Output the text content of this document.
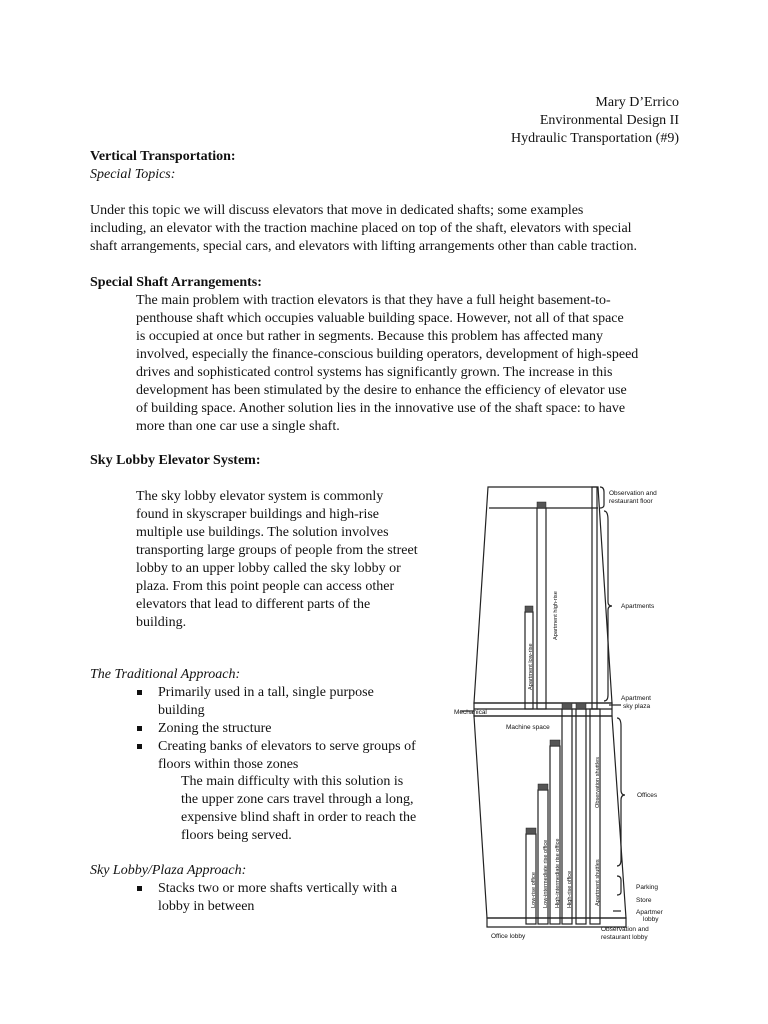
Mary D’Errico
Environmental Design II
Hydraulic Transportation (#9)
Vertical Transportation:
Special Topics:
Under this topic we will discuss elevators that move in dedicated shafts; some examples
including, an elevator with the traction machine placed on top of the shaft, elevators with special
shaft arrangements, special cars, and elevators with lifting arrangements other than cable traction.
Special Shaft Arrangements:
The main problem with traction elevators is that they have a full height basement-to-
penthouse shaft which occupies valuable building space. However, not all of that space
is occupied at once but rather in segments. Because this problem has affected many
involved, especially the finance-conscious building operators, development of high-speed
drives and sophisticated control systems has significantly grown. The increase in this
development has been stimulated by the desire to enhance the efficiency of elevator use
of building space. Another solution lies in the innovative use of the shaft space: to have
more than one car use a single shaft.
Sky Lobby Elevator System:
The sky lobby elevator system is commonly
found in skyscraper buildings and high-rise
multiple use buildings. The solution involves
transporting large groups of people from the street
lobby to an upper lobby called the sky lobby or
plaza. From this point people can access other
elevators that lead to different parts of the
building.
The Traditional Approach:
Primarily used in a tall, single purpose
building
Zoning the structure
Creating banks of elevators to serve groups of
floors within those zones
The main difficulty with this solution is
the upper zone cars travel through a long,
expensive blind shaft in order to reach the
floors being served.
Sky Lobby/Plaza Approach:
Stacks two or more shafts vertically with a
lobby in between
Observation and
restaurant floor
Apartments
Apartment
sky plaza
Offices
Parking
Store
Apartmer
lobby
Observation and
restaurant lobby
Mechanical
Machine space
Office lobby
Apartment low-rise
Apartment high-rise
Observation shuttles
Apartment shuttles
Low-rise office Low-intermediate rise office High-intermediate rise office High-rise office
